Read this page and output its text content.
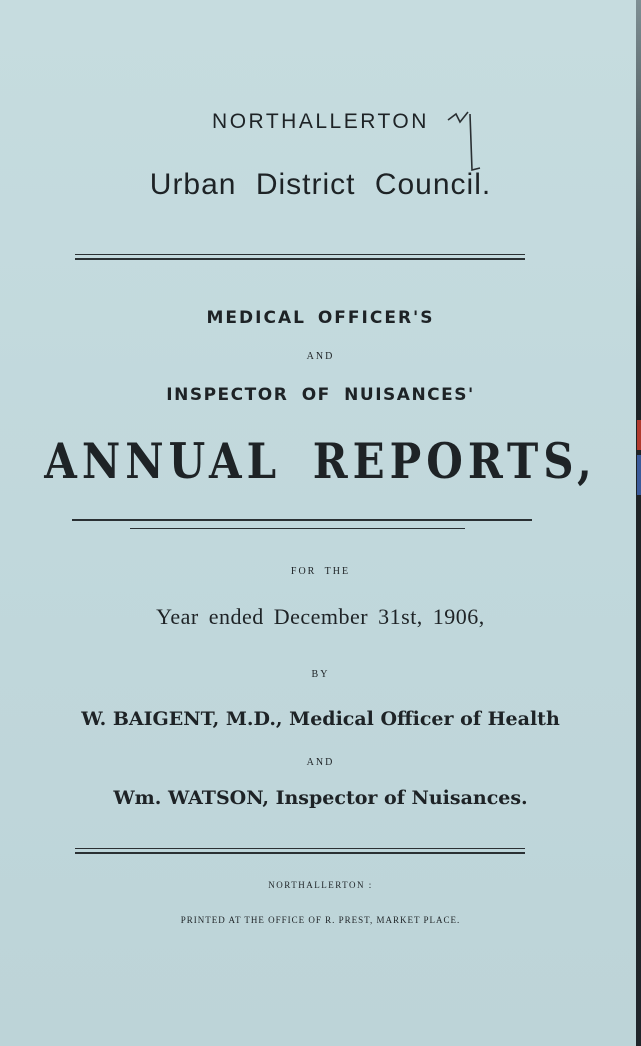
NORTHALLERTON
Urban District Council.
MEDICAL OFFICER'S
AND
INSPECTOR OF NUISANCES'
ANNUAL REPORTS,
FOR THE
Year ended December 31st, 1906,
BY
W. BAIGENT, M.D., Medical Officer of Health
AND
Wm. WATSON, Inspector of Nuisances.
NORTHALLERTON :
PRINTED AT THE OFFICE OF R. PREST, MARKET PLACE.
